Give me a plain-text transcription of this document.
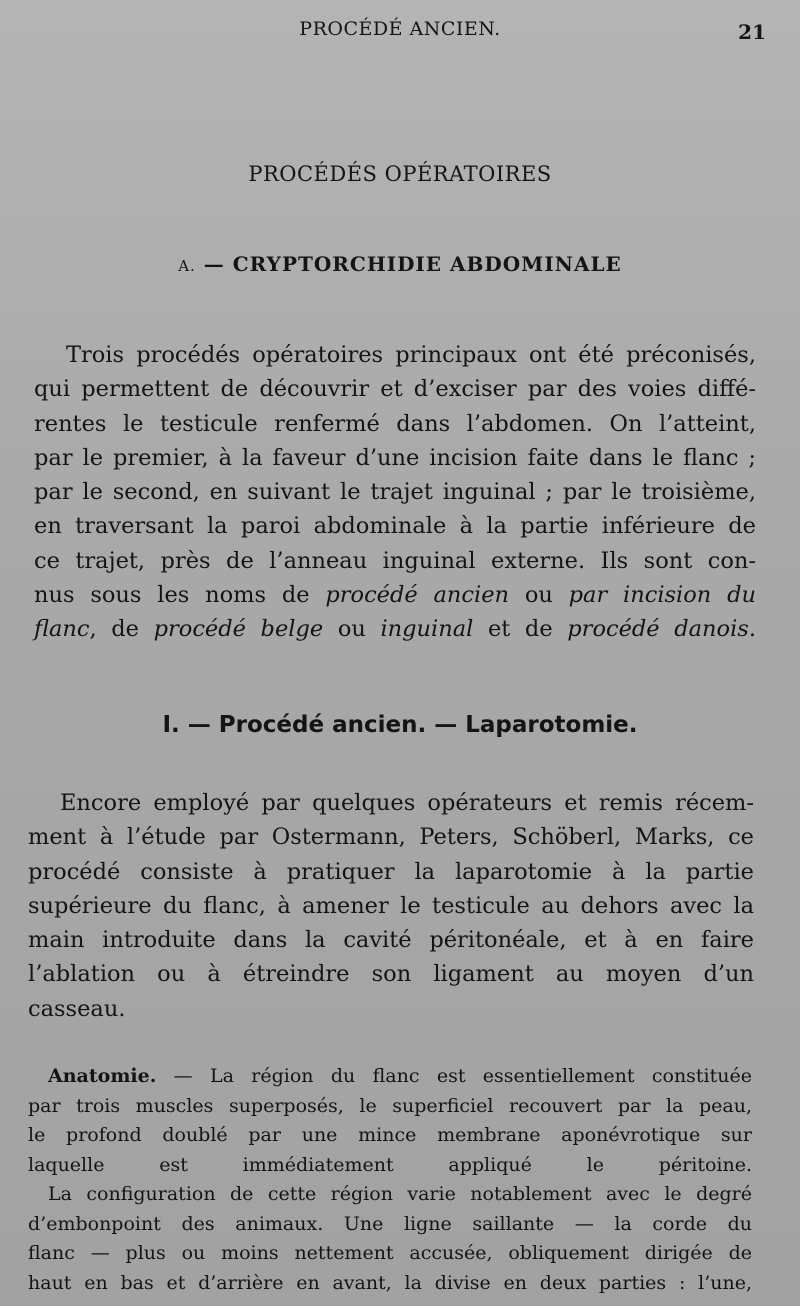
PROCÉDÉ ANCIEN.	21
PROCÉDÉS OPÉRATOIRES
A. — CRYPTORCHIDIE ABDOMINALE
Trois procédés opératoires principaux ont été préconisés,
qui permettent de découvrir et d’exciser par des voies diffé-
rentes le testicule renfermé dans l’abdomen. On l’atteint,
par le premier, à la faveur d’une incision faite dans le flanc ;
par le second, en suivant le trajet inguinal ; par le troisième,
en traversant la paroi abdominale à la partie inférieure de
ce trajet, près de l’anneau inguinal externe. Ils sont con-
nus sous les noms de procédé ancien ou par incision du
flanc, de procédé belge ou inguinal et de procédé danois.
I. — Procédé ancien. — Laparotomie.
Encore employé par quelques opérateurs et remis récem-
ment à l’étude par Ostermann, Peters, Schöberl, Marks, ce
procédé consiste à pratiquer la laparotomie à la partie
supérieure du flanc, à amener le testicule au dehors avec la
main introduite dans la cavité péritonéale, et à en faire
l’ablation ou à étreindre son ligament au moyen d’un
casseau.
Anatomie. — La région du flanc est essentiellement constituée
par trois muscles superposés, le superficiel recouvert par la peau,
le profond doublé par une mince membrane aponévrotique sur
laquelle est immédiatement appliqué le péritoine.
La configuration de cette région varie notablement avec le degré
d’embonpoint des animaux. Une ligne saillante — la corde du
flanc — plus ou moins nettement accusée, obliquement dirigée de
haut en bas et d’arrière en avant, la divise en deux parties : l’une,
